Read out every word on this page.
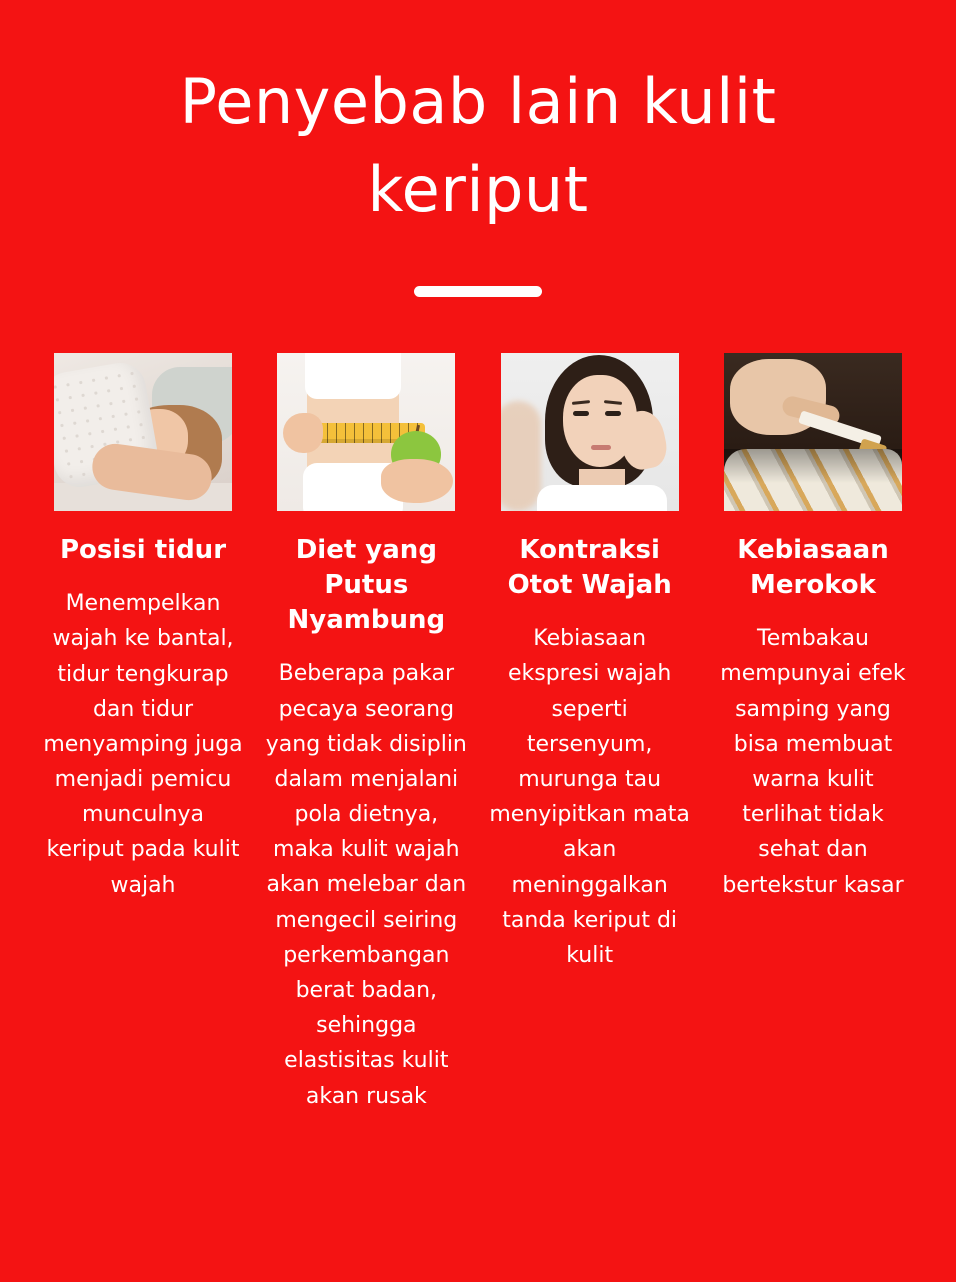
Penyebab lain kulit keriput
Posisi tidur
Menempelkan wajah ke bantal, tidur tengkurap dan tidur menyamping juga menjadi pemicu munculnya keriput pada kulit wajah
Diet yang Putus Nyambung
Beberapa pakar pecaya seorang yang tidak disiplin dalam menjalani pola dietnya, maka kulit wajah akan melebar dan mengecil seiring perkembangan berat badan, sehingga elastisitas kulit akan rusak
Kontraksi Otot Wajah
Kebiasaan ekspresi wajah seperti tersenyum, murunga tau menyipitkan mata akan meninggalkan tanda keriput di kulit
Kebiasaan Merokok
Tembakau mempunyai efek samping yang bisa membuat warna kulit terlihat tidak sehat dan bertekstur kasar
